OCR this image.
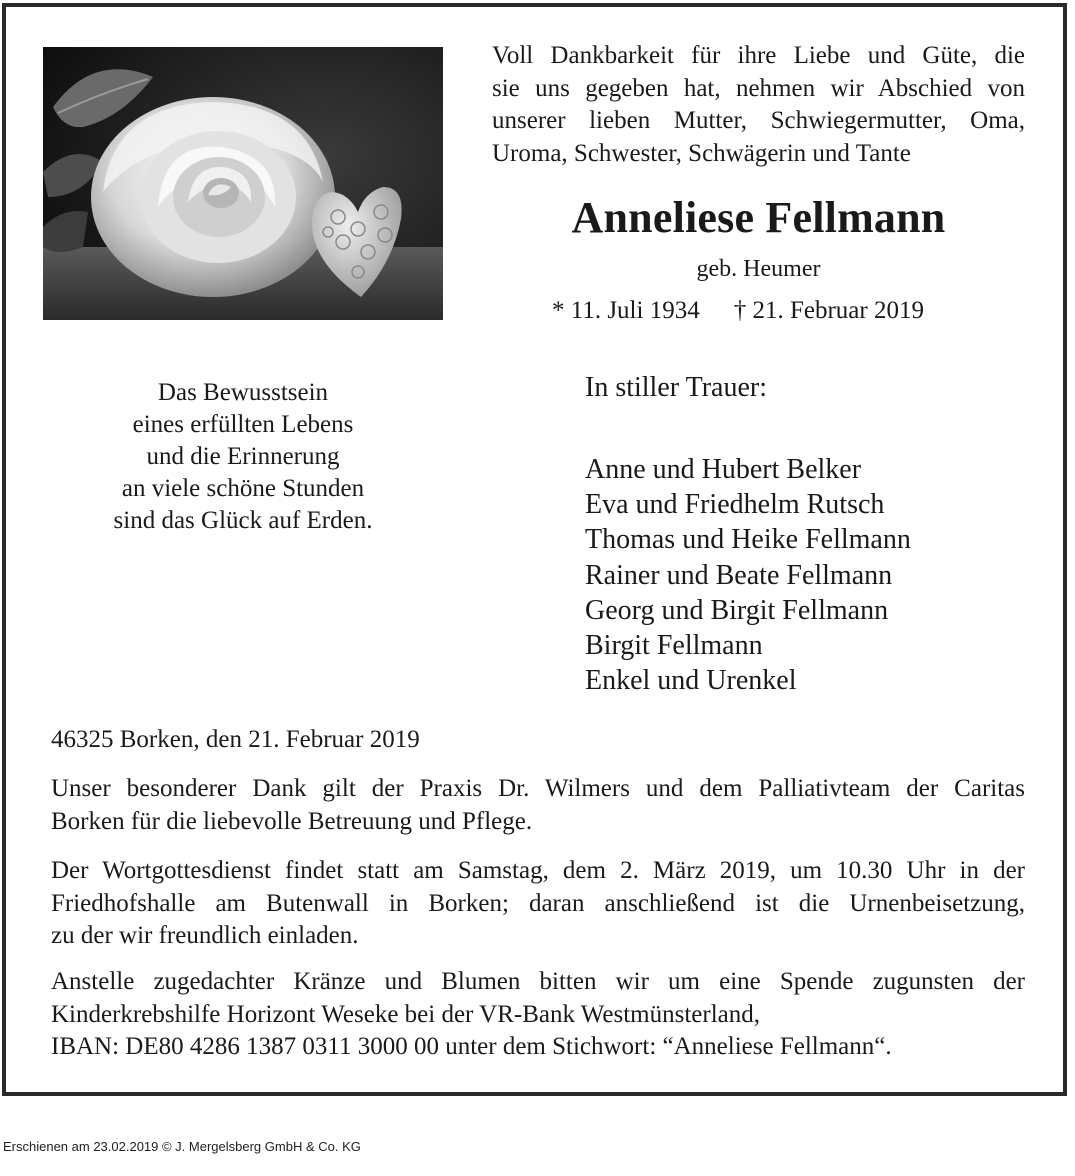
Voll Dankbarkeit für ihre Liebe und Güte, die
sie uns gegeben hat, nehmen wir Abschied von
unserer lieben Mutter, Schwiegermutter, Oma,
Uroma, Schwester, Schwägerin und Tante
Anneliese Fellmann
geb. Heumer
* 11. Juli 1934 † 21. Februar 2019
Das Bewusstsein
eines erfüllten Lebens
und die Erinnerung
an viele schöne Stunden
sind das Glück auf Erden.
In stiller Trauer:
Anne und Hubert Belker
Eva und Friedhelm Rutsch
Thomas und Heike Fellmann
Rainer und Beate Fellmann
Georg und Birgit Fellmann
Birgit Fellmann
Enkel und Urenkel
46325 Borken, den 21. Februar 2019
Unser besonderer Dank gilt der Praxis Dr. Wilmers und dem Palliativteam der Caritas
Borken für die liebevolle Betreuung und Pflege.
Der Wortgottesdienst findet statt am Samstag, dem 2. März 2019, um 10.30 Uhr in der
Friedhofshalle am Butenwall in Borken; daran anschließend ist die Urnenbeisetzung,
zu der wir freundlich einladen.
Anstelle zugedachter Kränze und Blumen bitten wir um eine Spende zugunsten der
Kinderkrebshilfe Horizont Weseke bei der VR-Bank Westmünsterland,
IBAN: DE80 4286 1387 0311 3000 00 unter dem Stichwort: “Anneliese Fellmann“.
Erschienen am 23.02.2019 © J. Mergelsberg GmbH & Co. KG
